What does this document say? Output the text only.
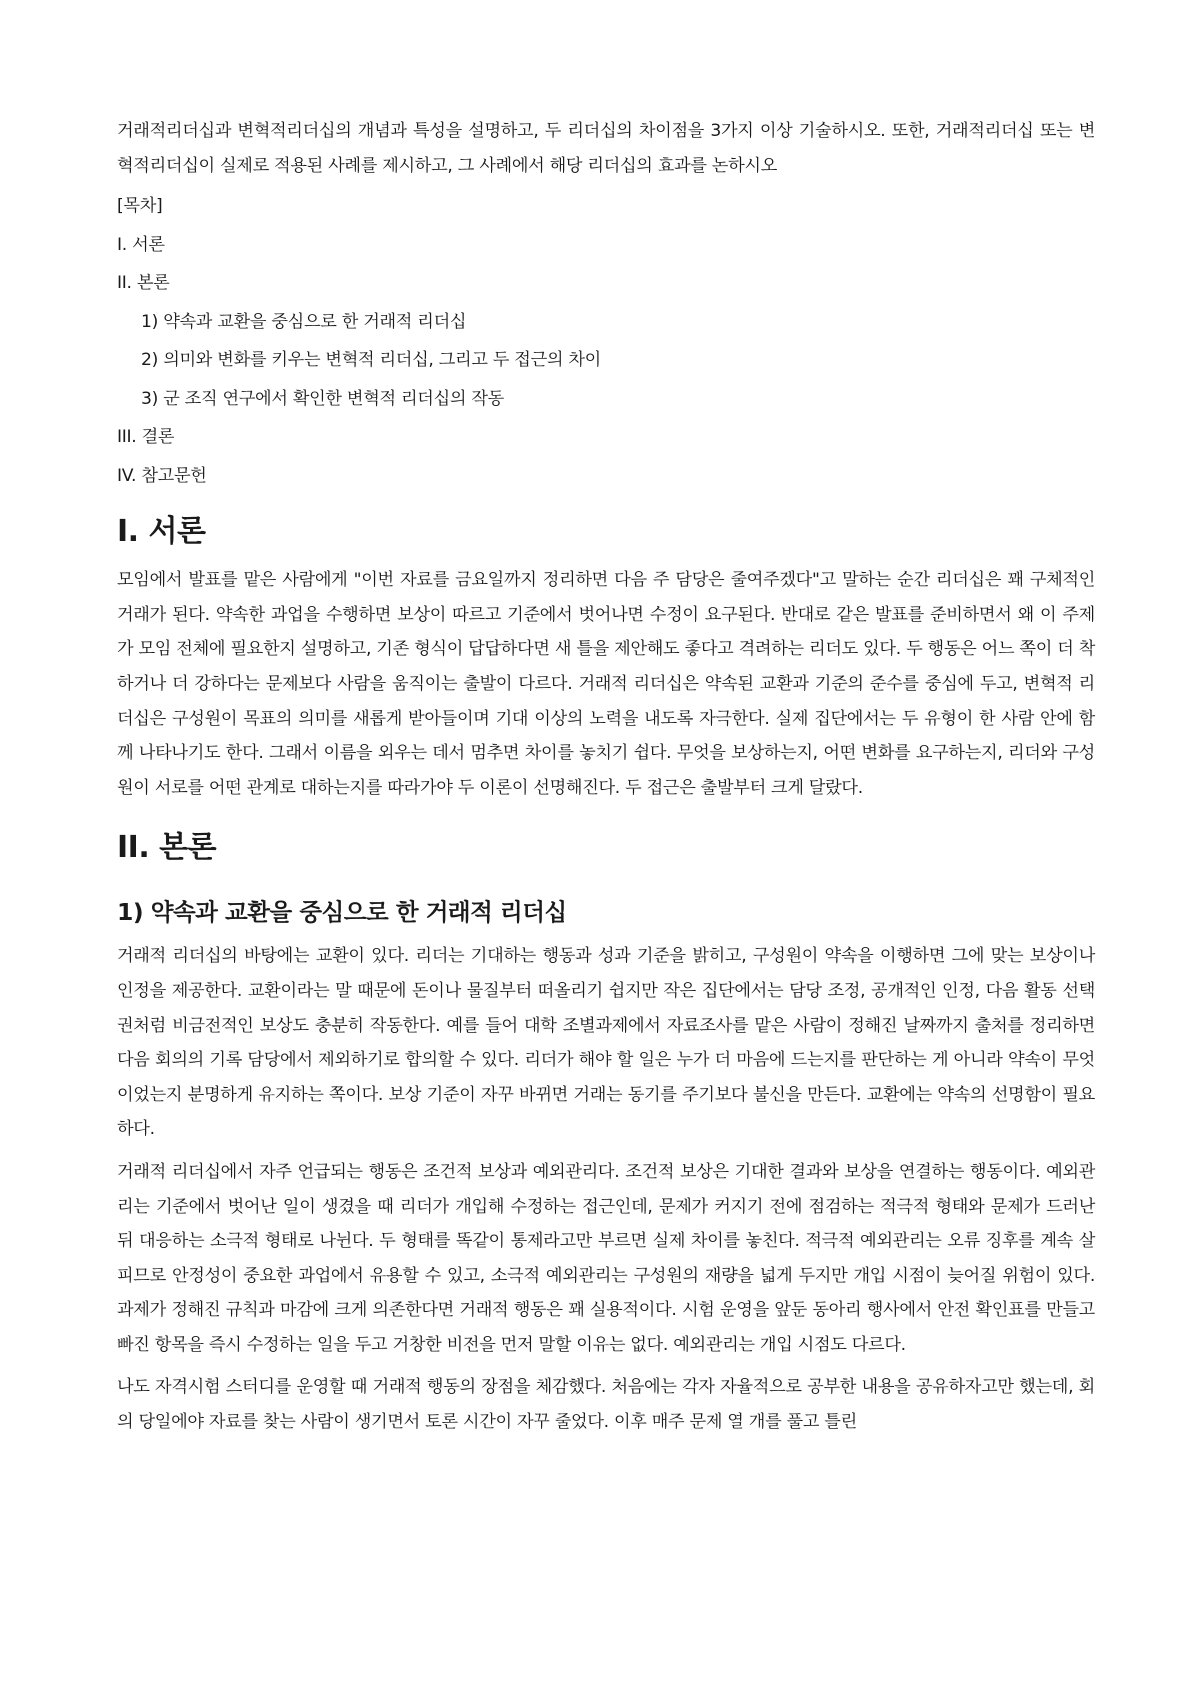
거래적리더십과 변혁적리더십의 개념과 특성을 설명하고, 두 리더십의 차이점을 3가지 이상 기술하시오. 또한, 거래적리더십 또는 변혁적리더십이 실제로 적용된 사례를 제시하고, 그 사례에서 해당 리더십의 효과를 논하시오

[목차]
I. 서론
II. 본론
1) 약속과 교환을 중심으로 한 거래적 리더십
2) 의미와 변화를 키우는 변혁적 리더십, 그리고 두 접근의 차이
3) 군 조직 연구에서 확인한 변혁적 리더십의 작동
III. 결론
IV. 참고문헌
I. 서론

모임에서 발표를 맡은 사람에게 "이번 자료를 금요일까지 정리하면 다음 주 담당은 줄여주겠다"고 말하는 순간 리더십은 꽤 구체적인 거래가 된다. 약속한 과업을 수행하면 보상이 따르고 기준에서 벗어나면 수정이 요구된다. 반대로 같은 발표를 준비하면서 왜 이 주제가 모임 전체에 필요한지 설명하고, 기존 형식이 답답하다면 새 틀을 제안해도 좋다고 격려하는 리더도 있다. 두 행동은 어느 쪽이 더 착하거나 더 강하다는 문제보다 사람을 움직이는 출발이 다르다. 거래적 리더십은 약속된 교환과 기준의 준수를 중심에 두고, 변혁적 리더십은 구성원이 목표의 의미를 새롭게 받아들이며 기대 이상의 노력을 내도록 자극한다. 실제 집단에서는 두 유형이 한 사람 안에 함께 나타나기도 한다. 그래서 이름을 외우는 데서 멈추면 차이를 놓치기 쉽다. 무엇을 보상하는지, 어떤 변화를 요구하는지, 리더와 구성원이 서로를 어떤 관계로 대하는지를 따라가야 두 이론이 선명해진다. 두 접근은 출발부터 크게 달랐다.

II. 본론
1) 약속과 교환을 중심으로 한 거래적 리더십

거래적 리더십의 바탕에는 교환이 있다. 리더는 기대하는 행동과 성과 기준을 밝히고, 구성원이 약속을 이행하면 그에 맞는 보상이나 인정을 제공한다. 교환이라는 말 때문에 돈이나 물질부터 떠올리기 쉽지만 작은 집단에서는 담당 조정, 공개적인 인정, 다음 활동 선택권처럼 비금전적인 보상도 충분히 작동한다. 예를 들어 대학 조별과제에서 자료조사를 맡은 사람이 정해진 날짜까지 출처를 정리하면 다음 회의의 기록 담당에서 제외하기로 합의할 수 있다. 리더가 해야 할 일은 누가 더 마음에 드는지를 판단하는 게 아니라 약속이 무엇이었는지 분명하게 유지하는 쪽이다. 보상 기준이 자꾸 바뀌면 거래는 동기를 주기보다 불신을 만든다. 교환에는 약속의 선명함이 필요하다.

거래적 리더십에서 자주 언급되는 행동은 조건적 보상과 예외관리다. 조건적 보상은 기대한 결과와 보상을 연결하는 행동이다. 예외관리는 기준에서 벗어난 일이 생겼을 때 리더가 개입해 수정하는 접근인데, 문제가 커지기 전에 점검하는 적극적 형태와 문제가 드러난 뒤 대응하는 소극적 형태로 나뉜다. 두 형태를 똑같이 통제라고만 부르면 실제 차이를 놓친다. 적극적 예외관리는 오류 징후를 계속 살피므로 안정성이 중요한 과업에서 유용할 수 있고, 소극적 예외관리는 구성원의 재량을 넓게 두지만 개입 시점이 늦어질 위험이 있다. 과제가 정해진 규칙과 마감에 크게 의존한다면 거래적 행동은 꽤 실용적이다. 시험 운영을 앞둔 동아리 행사에서 안전 확인표를 만들고 빠진 항목을 즉시 수정하는 일을 두고 거창한 비전을 먼저 말할 이유는 없다. 예외관리는 개입 시점도 다르다.

나도 자격시험 스터디를 운영할 때 거래적 행동의 장점을 체감했다. 처음에는 각자 자율적으로 공부한 내용을 공유하자고만 했는데, 회의 당일에야 자료를 찾는 사람이 생기면서 토론 시간이 자꾸 줄었다. 이후 매주 문제 열 개를 풀고 틀린
